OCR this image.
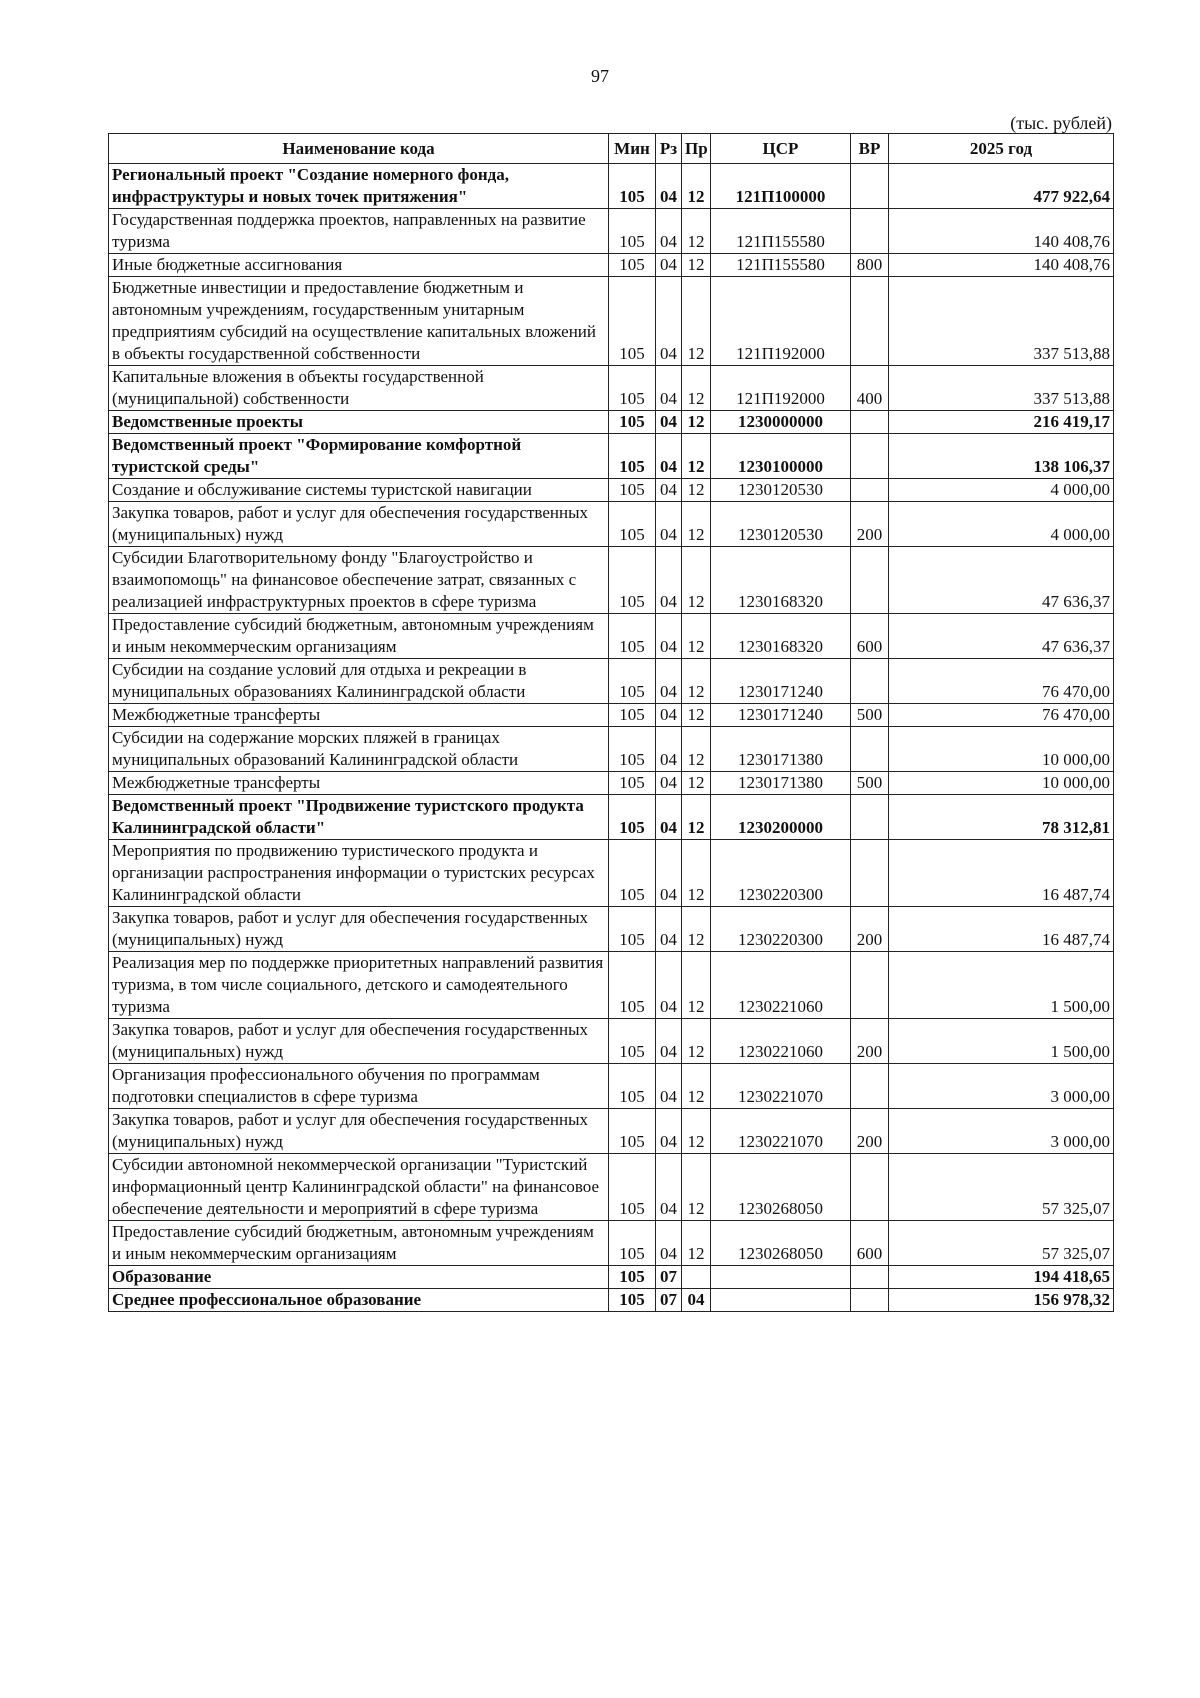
97
(тыс. рублей)
Наименование кода	Мин	Рз	Пр	ЦСР	ВР	2025 год
Региональный проект "Создание номерного фонда, инфраструктуры и новых точек притяжения"	105	04	12	121П100000		477 922,64
Государственная поддержка проектов, направленных на развитие туризма	105	04	12	121П155580		140 408,76
Иные бюджетные ассигнования	105	04	12	121П155580	800	140 408,76
Бюджетные инвестиции и предоставление бюджетным и автономным учреждениям, государственным унитарным предприятиям субсидий на осуществление капитальных вложений в объекты государственной собственности	105	04	12	121П192000		337 513,88
Капитальные вложения в объекты государственной (муниципальной) собственности	105	04	12	121П192000	400	337 513,88
Ведомственные проекты	105	04	12	1230000000		216 419,17
Ведомственный проект "Формирование комфортной туристской среды"	105	04	12	1230100000		138 106,37
Создание и обслуживание системы туристской навигации	105	04	12	1230120530		4 000,00
Закупка товаров, работ и услуг для обеспечения государственных (муниципальных) нужд	105	04	12	1230120530	200	4 000,00
Субсидии Благотворительному фонду "Благоустройство и взаимопомощь" на финансовое обеспечение затрат, связанных с реализацией инфраструктурных проектов в сфере туризма	105	04	12	1230168320		47 636,37
Предоставление субсидий бюджетным, автономным учреждениям и иным некоммерческим организациям	105	04	12	1230168320	600	47 636,37
Субсидии на создание условий для отдыха и рекреации в муниципальных образованиях Калининградской области	105	04	12	1230171240		76 470,00
Межбюджетные трансферты	105	04	12	1230171240	500	76 470,00
Субсидии на содержание морских пляжей в границах муниципальных образований Калининградской области	105	04	12	1230171380		10 000,00
Межбюджетные трансферты	105	04	12	1230171380	500	10 000,00
Ведомственный проект "Продвижение туристского продукта Калининградской области"	105	04	12	1230200000		78 312,81
Мероприятия по продвижению туристического продукта и организации распространения информации о туристских ресурсах Калининградской области	105	04	12	1230220300		16 487,74
Закупка товаров, работ и услуг для обеспечения государственных (муниципальных) нужд	105	04	12	1230220300	200	16 487,74
Реализация мер по поддержке приоритетных направлений развития туризма, в том числе социального, детского и самодеятельного туризма	105	04	12	1230221060		1 500,00
Закупка товаров, работ и услуг для обеспечения государственных (муниципальных) нужд	105	04	12	1230221060	200	1 500,00
Организация профессионального обучения по программам подготовки специалистов в сфере туризма	105	04	12	1230221070		3 000,00
Закупка товаров, работ и услуг для обеспечения государственных (муниципальных) нужд	105	04	12	1230221070	200	3 000,00
Субсидии автономной некоммерческой организации "Туристский информационный центр Калининградской области" на финансовое обеспечение деятельности и мероприятий в сфере туризма	105	04	12	1230268050		57 325,07
Предоставление субсидий бюджетным, автономным учреждениям и иным некоммерческим организациям	105	04	12	1230268050	600	57 325,07
Образование	105	07				194 418,65
Среднее профессиональное образование	105	07	04			156 978,32
